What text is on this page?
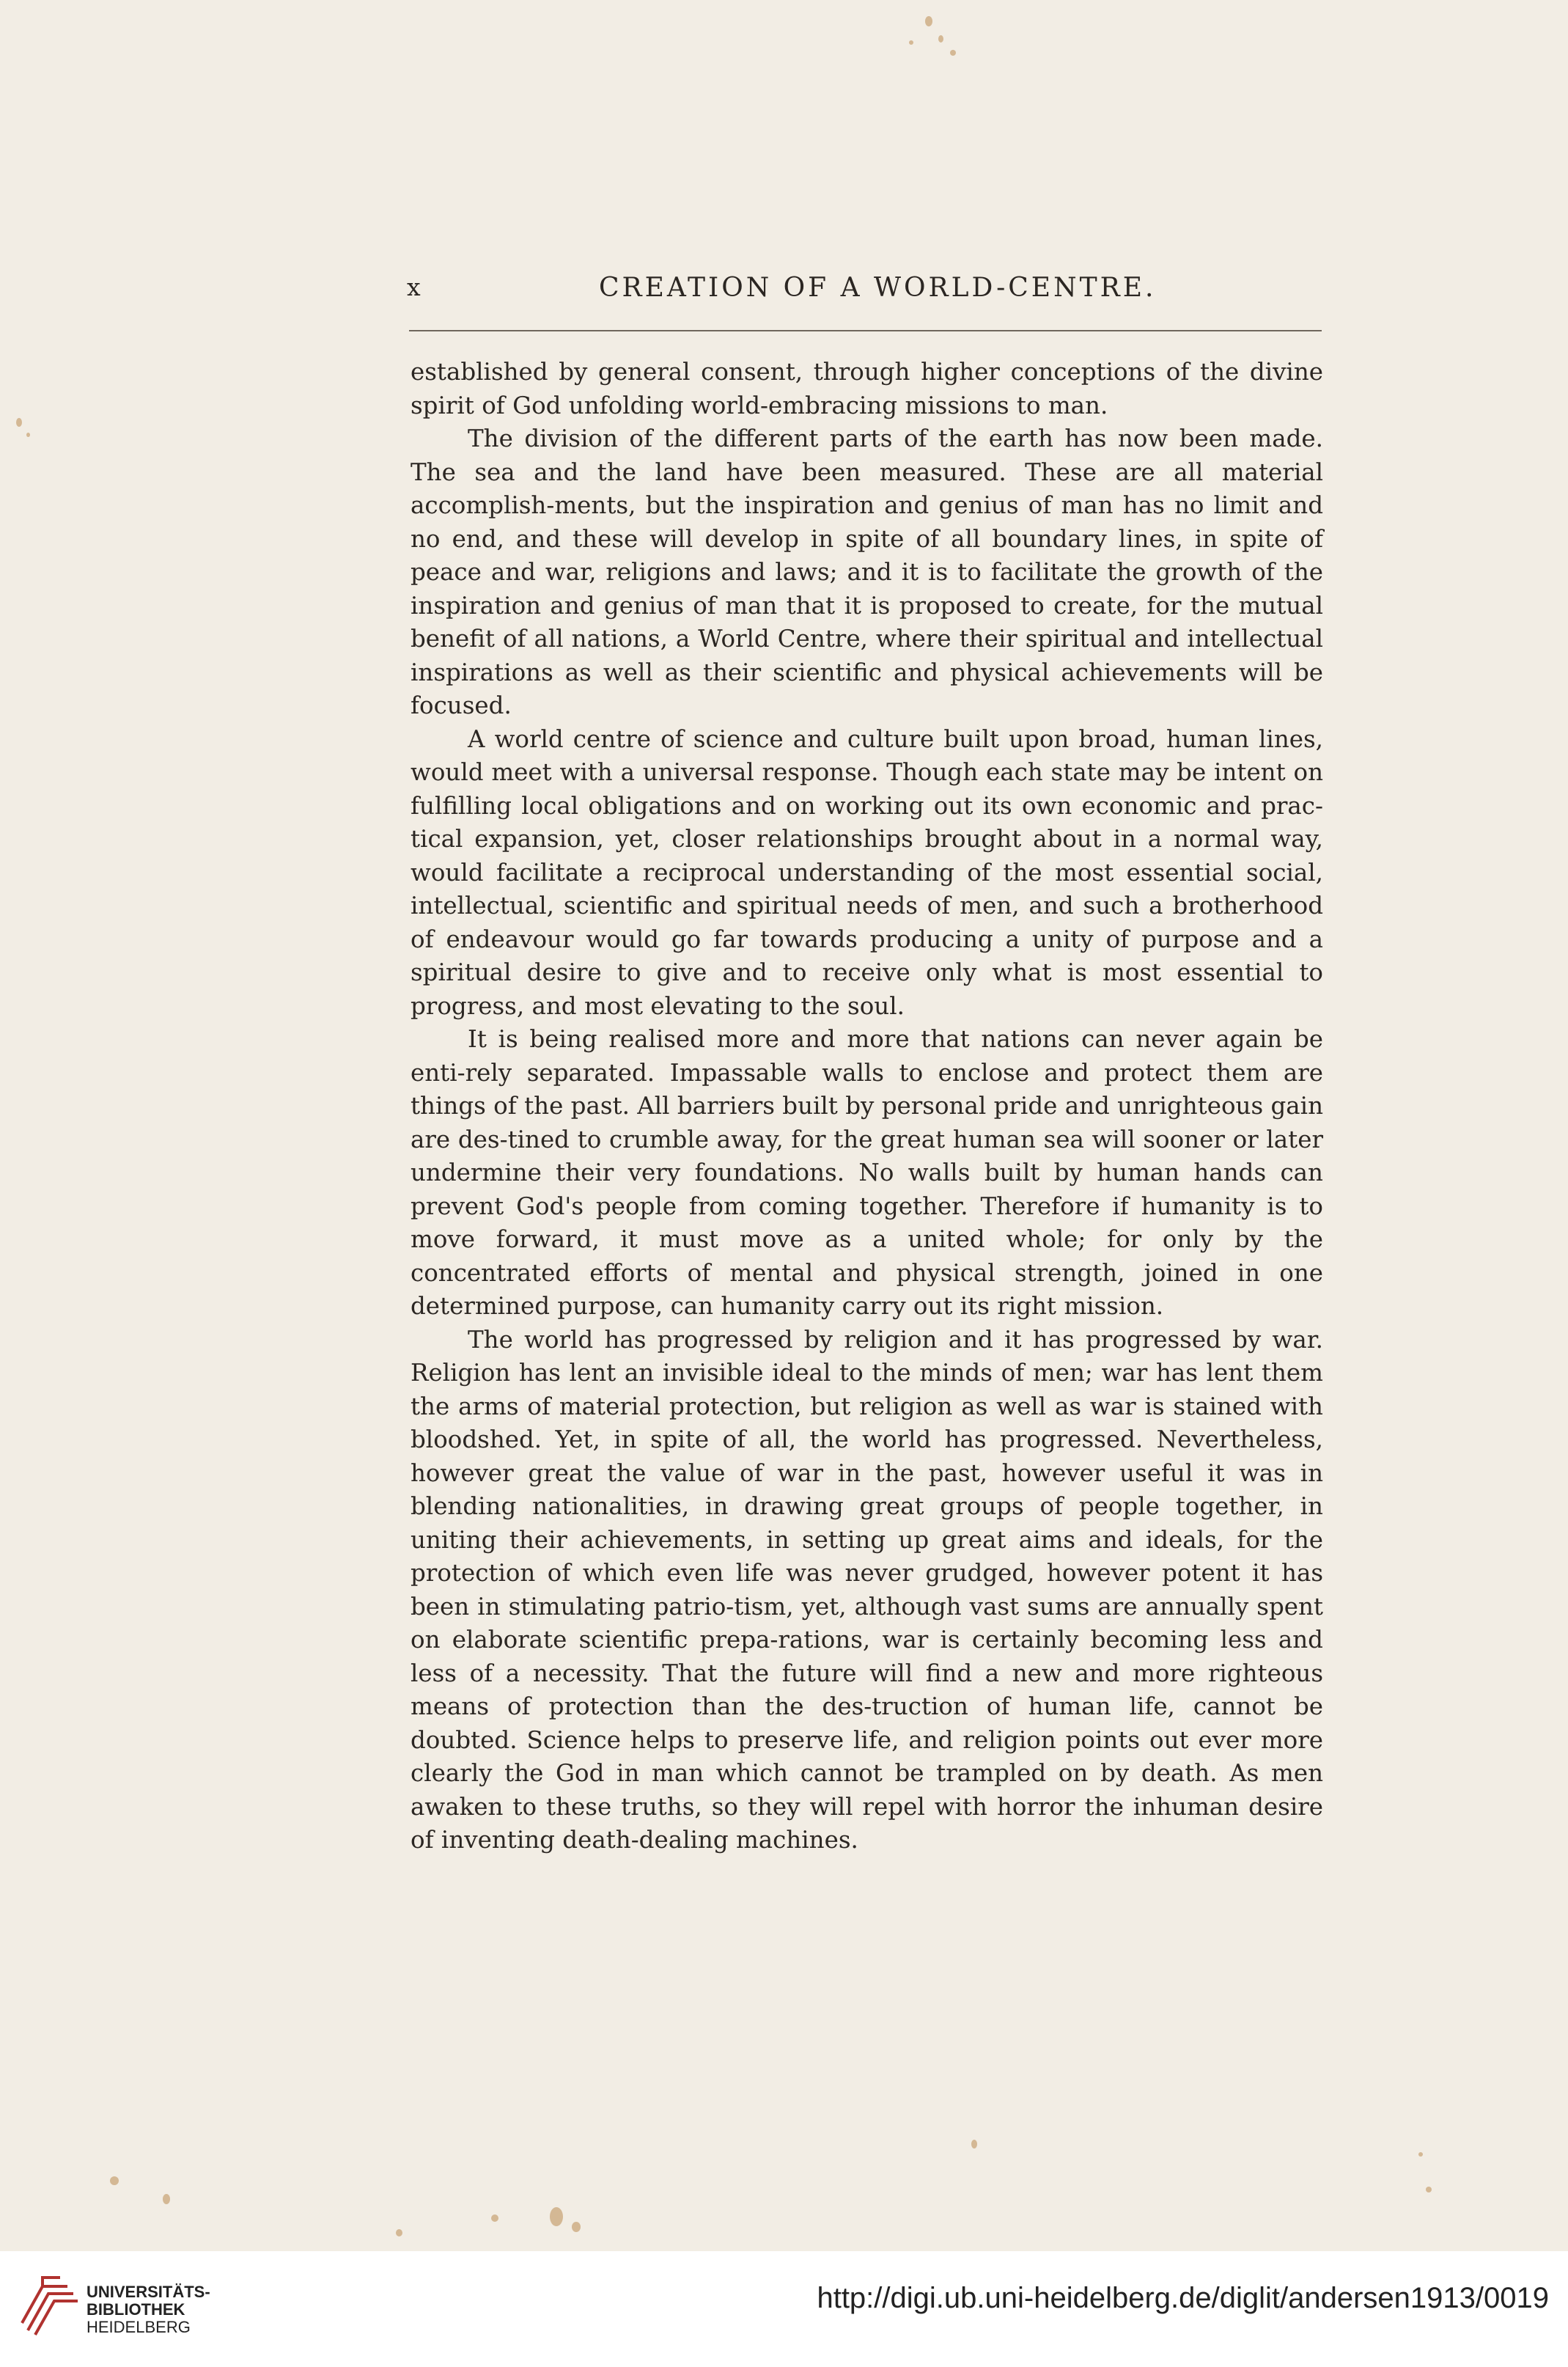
x	CREATION OF A WORLD-CENTRE.

established by general consent, through higher conceptions of the divine spirit of God unfolding world-embracing missions to man.

The division of the different parts of the earth has now been made. The sea and the land have been measured. These are all material accomplish-ments, but the inspiration and genius of man has no limit and no end, and these will develop in spite of all boundary lines, in spite of peace and war, religions and laws; and it is to facilitate the growth of the inspiration and genius of man that it is proposed to create, for the mutual benefit of all nations, a World Centre, where their spiritual and intellectual inspirations as well as their scientific and physical achievements will be focused.

A world centre of science and culture built upon broad, human lines, would meet with a universal response. Though each state may be intent on fulfilling local obligations and on working out its own economic and prac-tical expansion, yet, closer relationships brought about in a normal way, would facilitate a reciprocal understanding of the most essential social, intellectual, scientific and spiritual needs of men, and such a brotherhood of endeavour would go far towards producing a unity of purpose and a spiritual desire to give and to receive only what is most essential to progress, and most elevating to the soul.

It is being realised more and more that nations can never again be enti-rely separated. Impassable walls to enclose and protect them are things of the past. All barriers built by personal pride and unrighteous gain are des-tined to crumble away, for the great human sea will sooner or later undermine their very foundations. No walls built by human hands can prevent God's people from coming together. Therefore if humanity is to move forward, it must move as a united whole; for only by the concentrated efforts of mental and physical strength, joined in one determined purpose, can humanity carry out its right mission.

The world has progressed by religion and it has progressed by war. Religion has lent an invisible ideal to the minds of men; war has lent them the arms of material protection, but religion as well as war is stained with bloodshed. Yet, in spite of all, the world has progressed. Nevertheless, however great the value of war in the past, however useful it was in blending nationalities, in drawing great groups of people together, in uniting their achievements, in setting up great aims and ideals, for the protection of which even life was never grudged, however potent it has been in stimulating patrio-tism, yet, although vast sums are annually spent on elaborate scientific prepa-rations, war is certainly becoming less and less of a necessity. That the future will find a new and more righteous means of protection than the des-truction of human life, cannot be doubted. Science helps to preserve life, and religion points out ever more clearly the God in man which cannot be trampled on by death. As men awaken to these truths, so they will repel with horror the inhuman desire of inventing death-dealing machines.

UNIVERSITÄTS-
BIBLIOTHEK
HEIDELBERG
http://digi.ub.uni-heidelberg.de/diglit/andersen1913/0019
